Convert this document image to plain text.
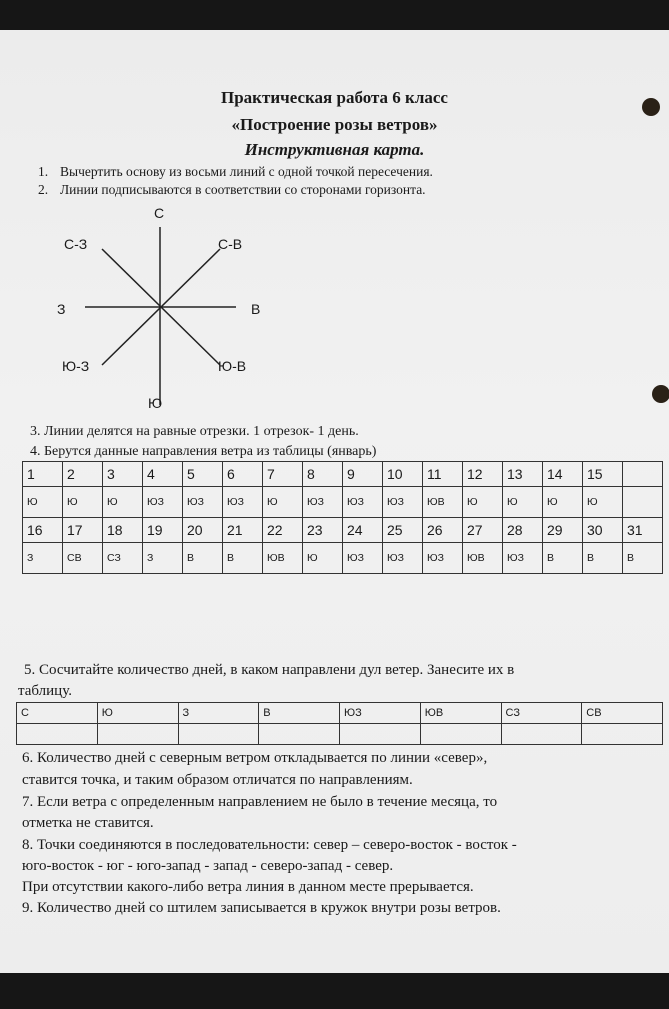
Практическая работа 6 класс
«Построение розы ветров»
Инструктивная карта.
1. Вычертить основу из восьми линий с одной точкой пересечения.
2. Линии подписываются в соответствии со сторонами горизонта.
С
С-В
В
Ю-В
Ю
Ю-З
З
С-З
3. Линии делятся на равные отрезки. 1 отрезок- 1 день.
4. Берутся данные направления ветра из таблицы (январь)
1	2	3	4	5	6	7	8	9	10	11	12	13	14	15	
Ю	Ю	Ю	ЮЗ	ЮЗ	ЮЗ	Ю	ЮЗ	ЮЗ	ЮЗ	ЮВ	Ю	Ю	Ю	Ю	
16	17	18	19	20	21	22	23	24	25	26	27	28	29	30	31
З	СВ	СЗ	З	В	В	ЮВ	Ю	ЮЗ	ЮЗ	ЮЗ	ЮВ	ЮЗ	В	В	В
5. Сосчитайте количество дней, в каком направлени дул ветер. Занесите их в
таблицу.
С	Ю	З	В	ЮЗ	ЮВ	СЗ	СВ

6. Количество дней с северным ветром откладывается по линии «север»,
ставится точка, и таким образом отличатся по направлениям.
7. Если ветра с определенным направлением не было в течение месяца, то
отметка не ставится.
8. Точки соединяются в последовательности: север – северо-восток - восток -
юго-восток - юг - юго-запад - запад - северо-запад - север.
При отсутствии какого-либо ветра линия в данном месте прерывается.
9. Количество дней со штилем записывается в кружок внутри розы ветров.
